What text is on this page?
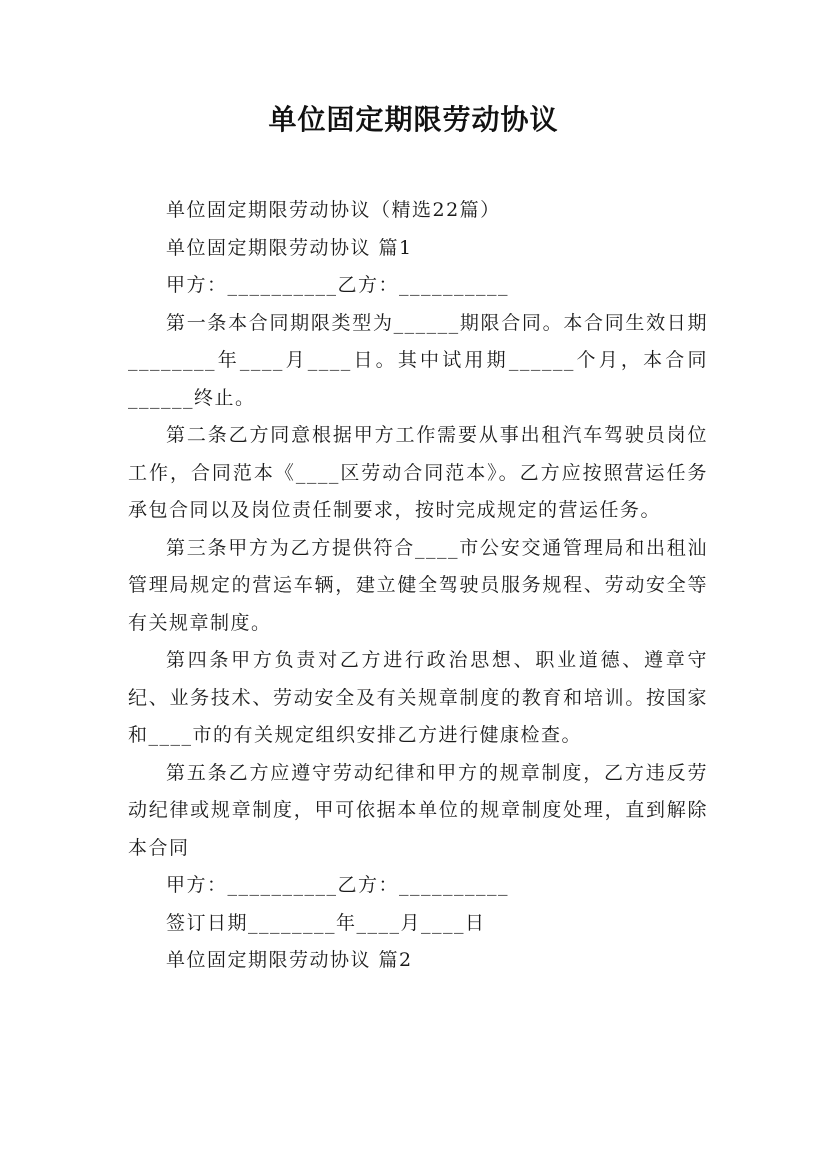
单位固定期限劳动协议

单位固定期限劳动协议（精选22篇）

单位固定期限劳动协议 篇1

甲方：__________乙方：__________

第一条本合同期限类型为______期限合同。本合同生效日期________年____月____日。其中试用期______个月，本合同______终止。

第二条乙方同意根据甲方工作需要从事出租汽车驾驶员岗位工作，合同范本《____区劳动合同范本》。乙方应按照营运任务承包合同以及岗位责任制要求，按时完成规定的营运任务。

第三条甲方为乙方提供符合____市公安交通管理局和出租汕管理局规定的营运车辆，建立健全驾驶员服务规程、劳动安全等有关规章制度。

第四条甲方负责对乙方进行政治思想、职业道德、遵章守纪、业务技术、劳动安全及有关规章制度的教育和培训。按国家和____市的有关规定组织安排乙方进行健康检查。

第五条乙方应遵守劳动纪律和甲方的规章制度，乙方违反劳动纪律或规章制度，甲可依据本单位的规章制度处理，直到解除本合同

甲方：__________乙方：__________

签订日期________年____月____日

单位固定期限劳动协议 篇2
